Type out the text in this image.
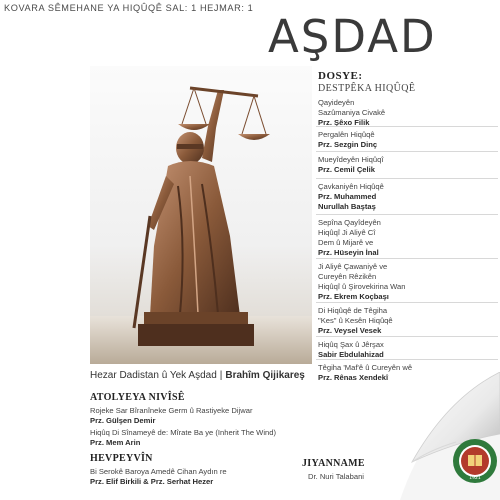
KOVARA SÊMEHANE YA HIQÛQÊ SAL: 1 HEJMAR: 1
AŞDAD
Hezar Dadistan û Yek Aşdad | Brahîm Qijikareş
DOSYE:
DESTPÊKA HIQÛQÊ
Qayideyên
Sazûmaniya Civakê
Prz. Şêxo Filik
Pergalên Hiqûqê
Prz. Sezgin Dinç
Mueyîdeyên Hiqûqî
Prz. Cemil Çelik
Çavkaniyên Hiqûqê
Prz. Muhammed
Nurullah Baştaş
Sepîna Qayîdeyên
Hiqûqî Ji Aliyê Cî
Dem û Mijarê ve
Prz. Hüseyin İnal
Ji Aliyê Çawaniyê ve
Cureyên Rêzikên
Hiqûqî û Şirovekirina Wan
Prz. Ekrem Koçbaşı
Di Hiqûqê de Têgiha
"Kes" û Kesên Hiqûqê
Prz. Veysel Vesek
Hiqûq Şax û Jêrşax
Sabir Ebdulahizad
Têgiha 'Maf'ê û Cureyên wê
Prz. Rênas Xendekî
ATOLYEYA NIVÎSÊ
Rojeke Sar Bîranîneke Germ û Rastiyeke Dijwar
Prz. Gülşen Demir
Hiqûq Di Sînameyê de: Mîrate Ba ye (Inherit The Wind)
Prz. Mem Arin
HEVPEYVÎN
Bi Serokê Baroya Amedê Cihan Aydın re
Prz. Elif Birkili & Prz. Serhat Hezer
JIYANNAME
Dr. Nuri Talabani	1921
